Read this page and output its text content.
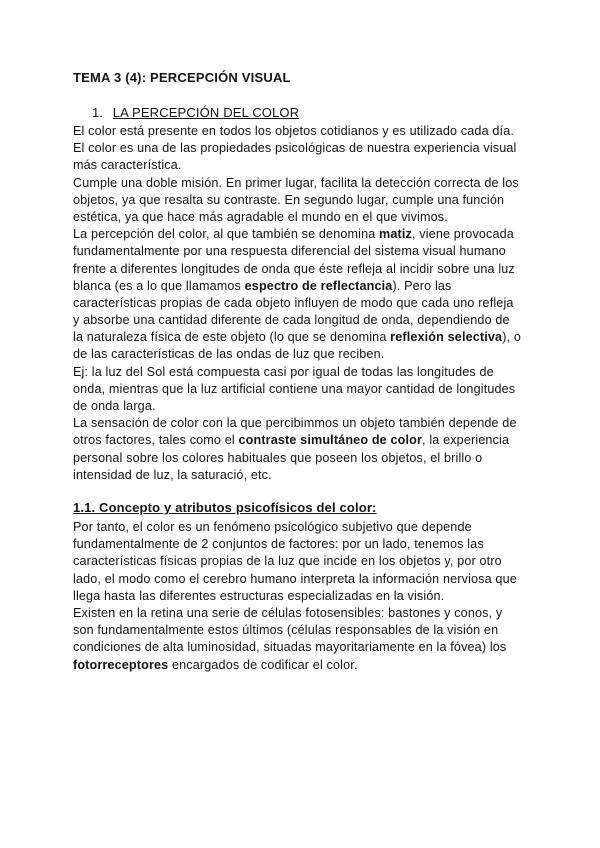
TEMA 3 (4): PERCEPCIÓN VISUAL
1. LA PERCEPCIÓN DEL COLOR
El color está presente en todos los objetos cotidianos y es utilizado cada día.
El color es una de las propiedades psicológicas de nuestra experiencia visual
más característica.
Cumple una doble misión. En primer lugar, facilita la detección correcta de los
objetos, ya que resalta su contraste. En segundo lugar, cumple una función
estética, ya que hace más agradable el mundo en el que vivimos.
La percepción del color, al que también se denomina matiz, viene provocada
fundamentalmente por una respuesta diferencial del sistema visual humano
frente a diferentes longitudes de onda que éste refleja al incidir sobre una luz
blanca (es a lo que llamamos espectro de reflectancia). Pero las
características propias de cada objeto influyen de modo que cada uno refleja
y absorbe una cantidad diferente de cada longitud de onda, dependiendo de
la naturaleza física de este objeto (lo que se denomina reflexión selectiva), o
de las características de las ondas de luz que reciben.
Ej: la luz del Sol está compuesta casi por igual de todas las longitudes de
onda, mientras que la luz artificial contiene una mayor cantidad de longitudes
de onda larga.
La sensación de color con la que percibimmos un objeto también depende de
otros factores, tales como el contraste simultáneo de color, la experiencia
personal sobre los colores habituales que poseen los objetos, el brillo o
intensidad de luz, la saturació, etc.
1.1. Concepto y atributos psicofísicos del color:
Por tanto, el color es un fenómeno psicológico subjetivo que depende
fundamentalmente de 2 conjuntos de factores: por un lado, tenemos las
características físicas propias de la luz que incide en los objetos y, por otro
lado, el modo como el cerebro humano interpreta la información nerviosa que
llega hasta las diferentes estructuras especializadas en la visión.
Existen en la retina una serie de células fotosensibles: bastones y conos, y
son fundamentalmente estos últimos (células responsables de la visión en
condiciones de alta luminosidad, situadas mayoritariamente en la fóvea) los
fotorreceptores encargados de codificar el color.
